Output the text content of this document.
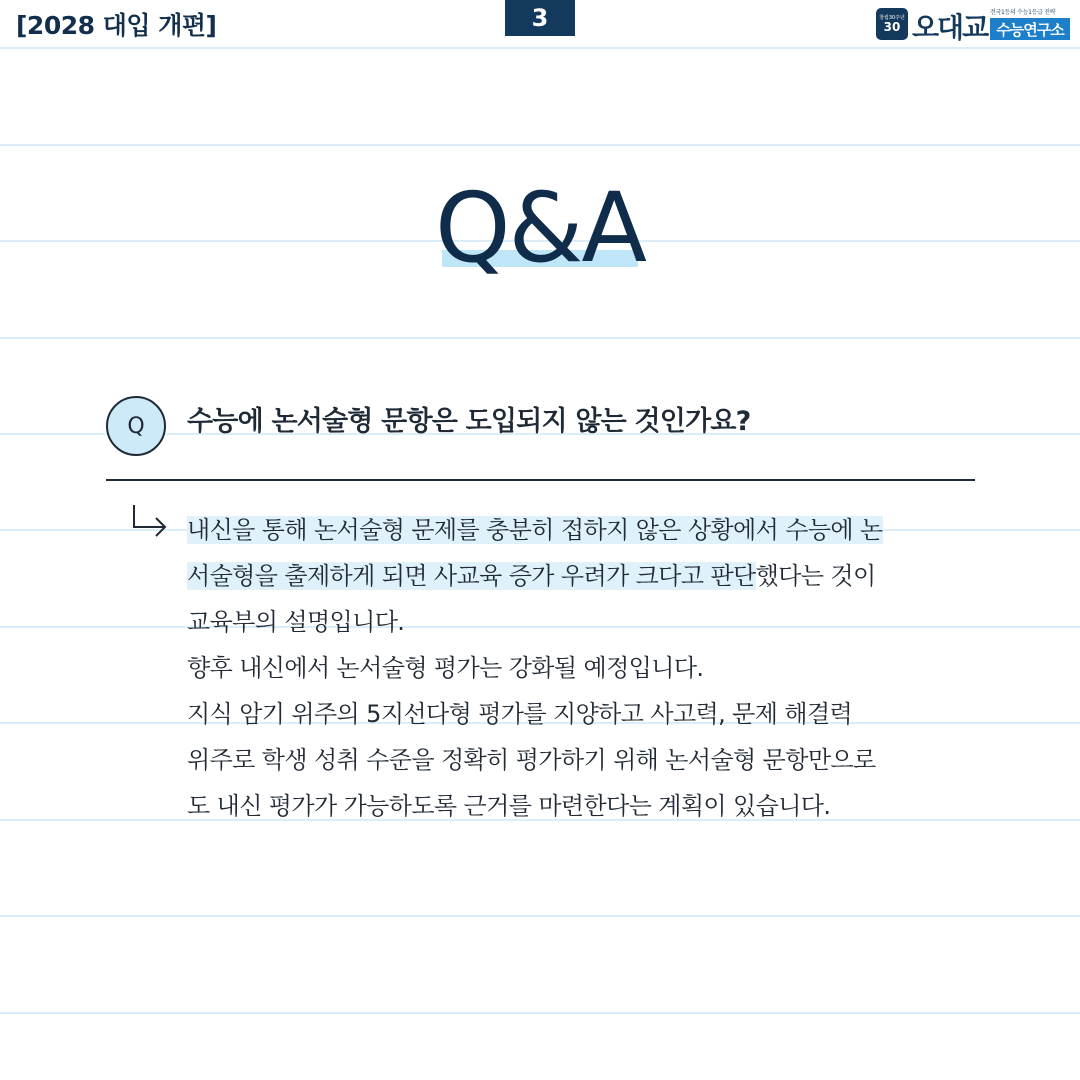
[2028 대입 개편]	3	창립30주년
30 오대교 전국1등의 수능1등급 전략
수능연구소
Q&A
Q	수능에 논서술형 문항은 도입되지 않는 것인가요?
내신을 통해 논서술형 문제를 충분히 접하지 않은 상황에서 수능에 논
서술형을 출제하게 되면 사교육 증가 우려가 크다고 판단했다는 것이
교육부의 설명입니다.
향후 내신에서 논서술형 평가는 강화될 예정입니다.
지식 암기 위주의 5지선다형 평가를 지양하고 사고력, 문제 해결력
위주로 학생 성취 수준을 정확히 평가하기 위해 논서술형 문항만으로
도 내신 평가가 가능하도록 근거를 마련한다는 계획이 있습니다.
